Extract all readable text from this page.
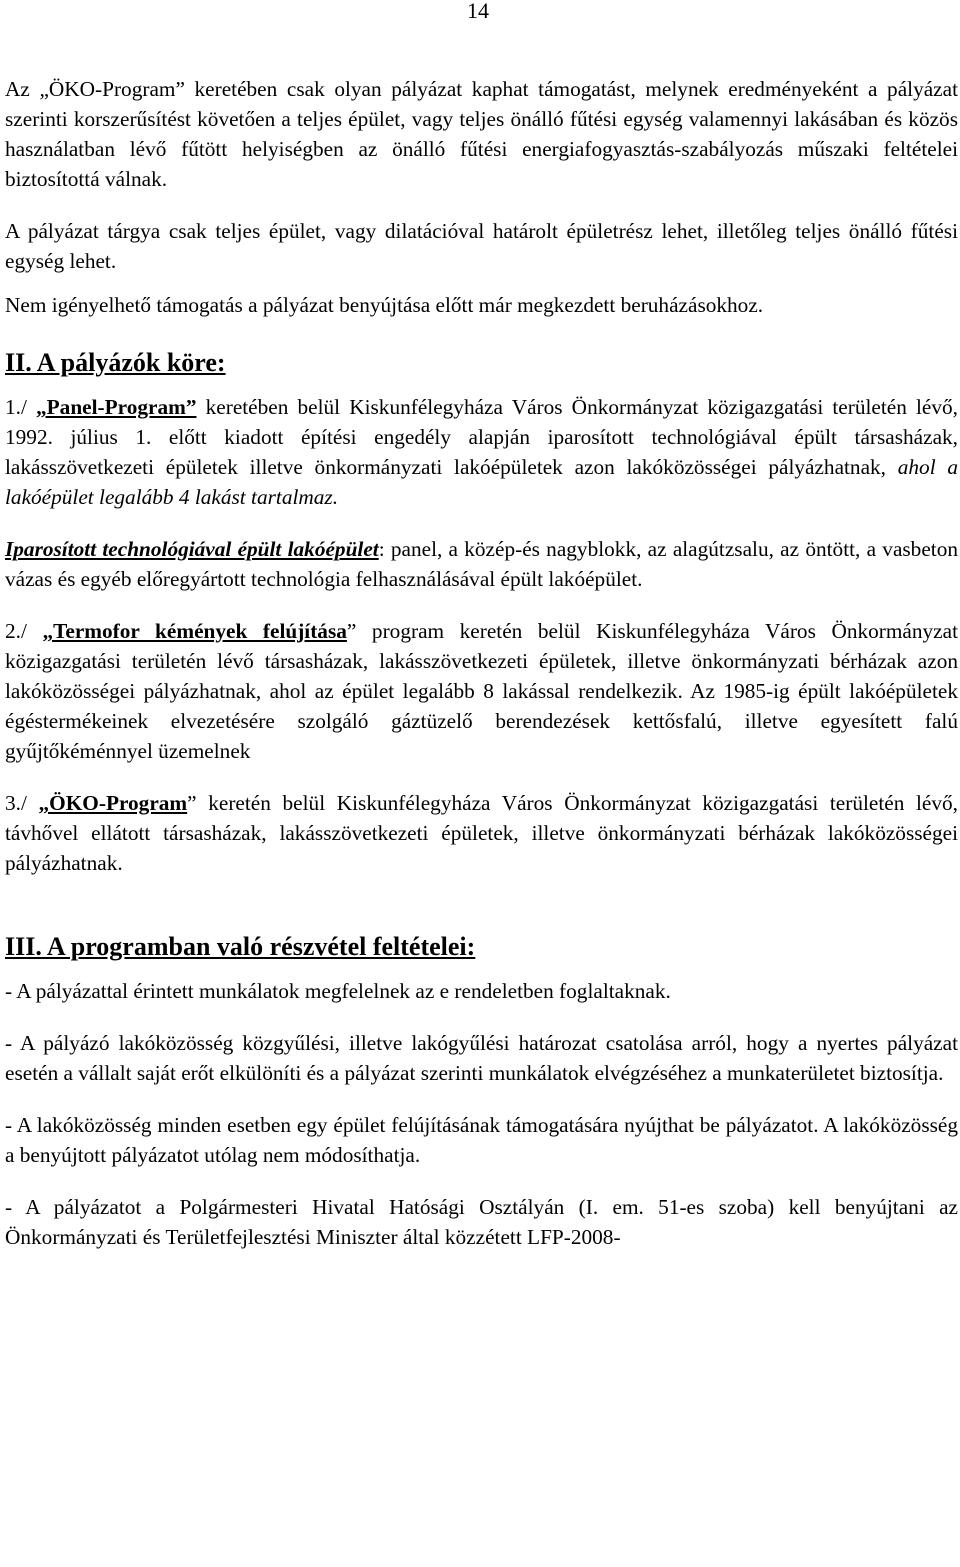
14

Az „ÖKO-Program” keretében csak olyan pályázat kaphat támogatást, melynek eredményeként a pályázat szerinti korszerűsítést követően a teljes épület, vagy teljes önálló fűtési egység valamennyi lakásában és közös használatban lévő fűtött helyiségben az önálló fűtési energiafogyasztás-szabályozás műszaki feltételei biztosítottá válnak.

A pályázat tárgya csak teljes épület, vagy dilatációval határolt épületrész lehet, illetőleg teljes önálló fűtési egység lehet.

Nem igényelhető támogatás a pályázat benyújtása előtt már megkezdett beruházásokhoz.

II. A pályázók köre:

1./ „Panel-Program” keretében belül Kiskunfélegyháza Város Önkormányzat közigazgatási területén lévő, 1992. július 1. előtt kiadott építési engedély alapján iparosított technológiával épült társasházak, lakásszövetkezeti épületek illetve önkormányzati lakóépületek azon lakóközösségei pályázhatnak, ahol a lakóépület legalább 4 lakást tartalmaz.

Iparosított technológiával épült lakóépület: panel, a közép-és nagyblokk, az alagútzsalu, az öntött, a vasbeton vázas és egyéb előregyártott technológia felhasználásával épült lakóépület.

2./ „Termofor kémények felújítása” program keretén belül Kiskunfélegyháza Város Önkormányzat közigazgatási területén lévő társasházak, lakásszövetkezeti épületek, illetve önkormányzati bérházak azon lakóközösségei pályázhatnak, ahol az épület legalább 8 lakással rendelkezik. Az 1985-ig épült lakóépületek égéstermékeinek elvezetésére szolgáló gáztüzelő berendezések kettősfalú, illetve egyesített falú gyűjtőkéménnyel üzemelnek

3./ „ÖKO-Program” keretén belül Kiskunfélegyháza Város Önkormányzat közigazgatási területén lévő, távhővel ellátott társasházak, lakásszövetkezeti épületek, illetve önkormányzati bérházak lakóközösségei pályázhatnak.

III. A programban való részvétel feltételei:

- A pályázattal érintett munkálatok megfelelnek az e rendeletben foglaltaknak.

- A pályázó lakóközösség közgyűlési, illetve lakógyűlési határozat csatolása arról, hogy a nyertes pályázat esetén a vállalt saját erőt elkülöníti és a pályázat szerinti munkálatok elvégzéséhez a munkaterületet biztosítja.

- A lakóközösség minden esetben egy épület felújításának támogatására nyújthat be pályázatot. A lakóközösség a benyújtott pályázatot utólag nem módosíthatja.

- A pályázatot a Polgármesteri Hivatal Hatósági Osztályán (I. em. 51-es szoba) kell benyújtani az Önkormányzati és Területfejlesztési Miniszter által közzétett LFP-2008-
